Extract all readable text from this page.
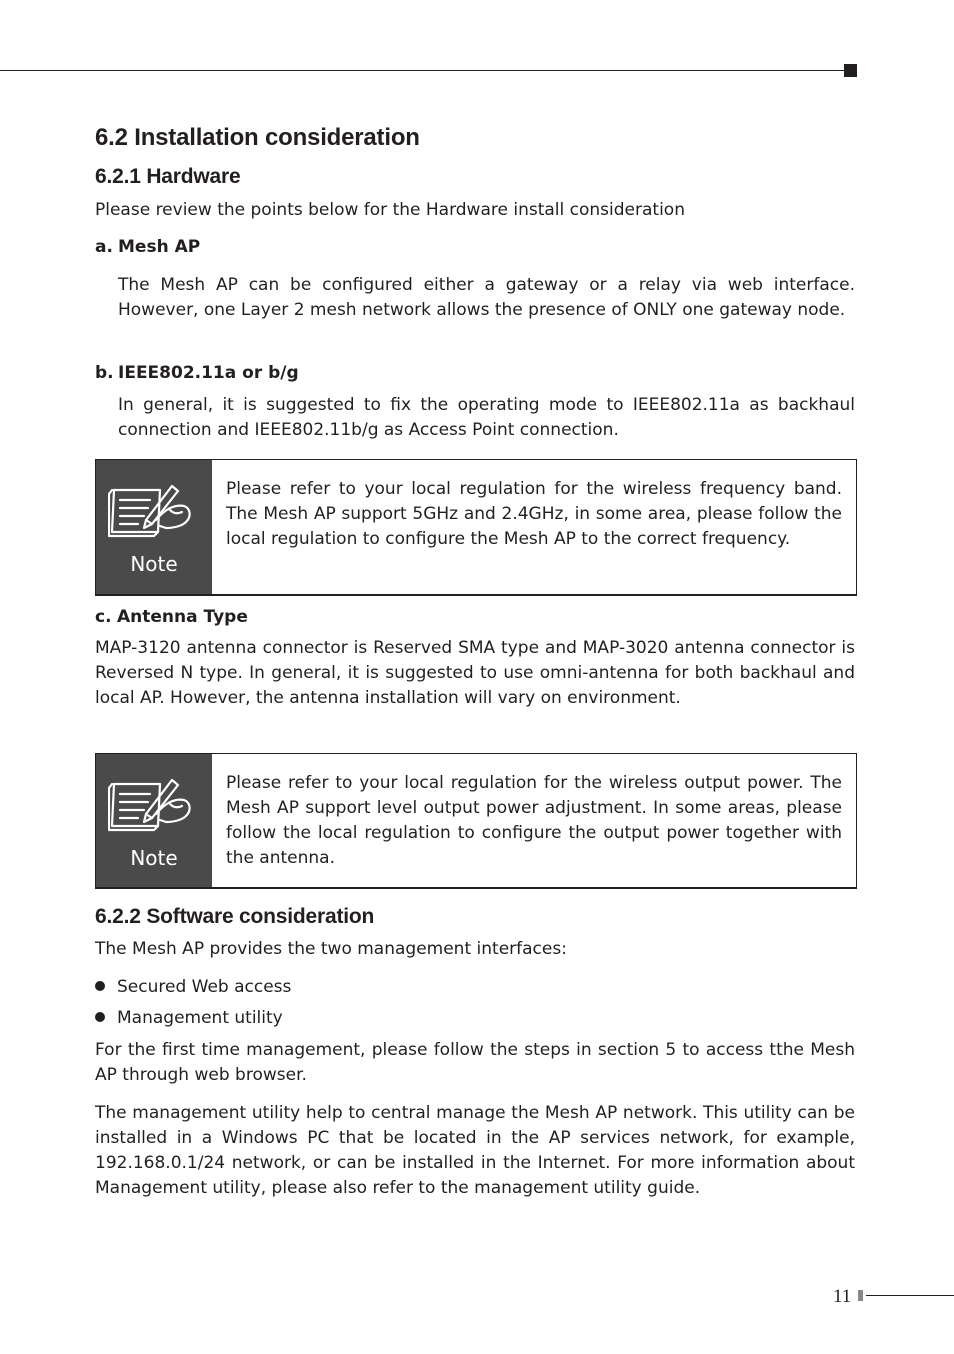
6.2 Installation consideration
6.2.1 Hardware

Please review the points below for the Hardware install consideration

a. Mesh AP

The Mesh AP can be configured either a gateway or a relay via web interface. However, one Layer 2 mesh network allows the presence of ONLY one gateway node.

b. IEEE802.11a or b/g

In general, it is suggested to fix the operating mode to IEEE802.11a as backhaul connection and IEEE802.11b/g as Access Point connection.

Note

Please refer to your local regulation for the wireless frequency band. The Mesh AP support 5GHz and 2.4GHz, in some area, please follow the local regulation to configure the Mesh AP to the correct frequency.

c. Antenna Type

MAP-3120 antenna connector is Reserved SMA type and MAP-3020 antenna connector is Reversed N type. In general, it is suggested to use omni-antenna for both backhaul and local AP. However, the antenna installation will vary on environment.

Note

Please refer to your local regulation for the wireless output power. The Mesh AP support level output power adjustment. In some areas, please follow the local regulation to configure the output power together with the antenna.

6.2.2 Software consideration

The Mesh AP provides the two management interfaces:

Secured Web access
Management utility

For the first time management, please follow the steps in section 5 to access tthe Mesh AP through web browser.

The management utility help to central manage the Mesh AP network. This utility can be installed in a Windows PC that be located in the AP services network, for example, 192.168.0.1/24 network, or can be installed in the Internet. For more information about Management utility, please also refer to the management utility guide.

11
